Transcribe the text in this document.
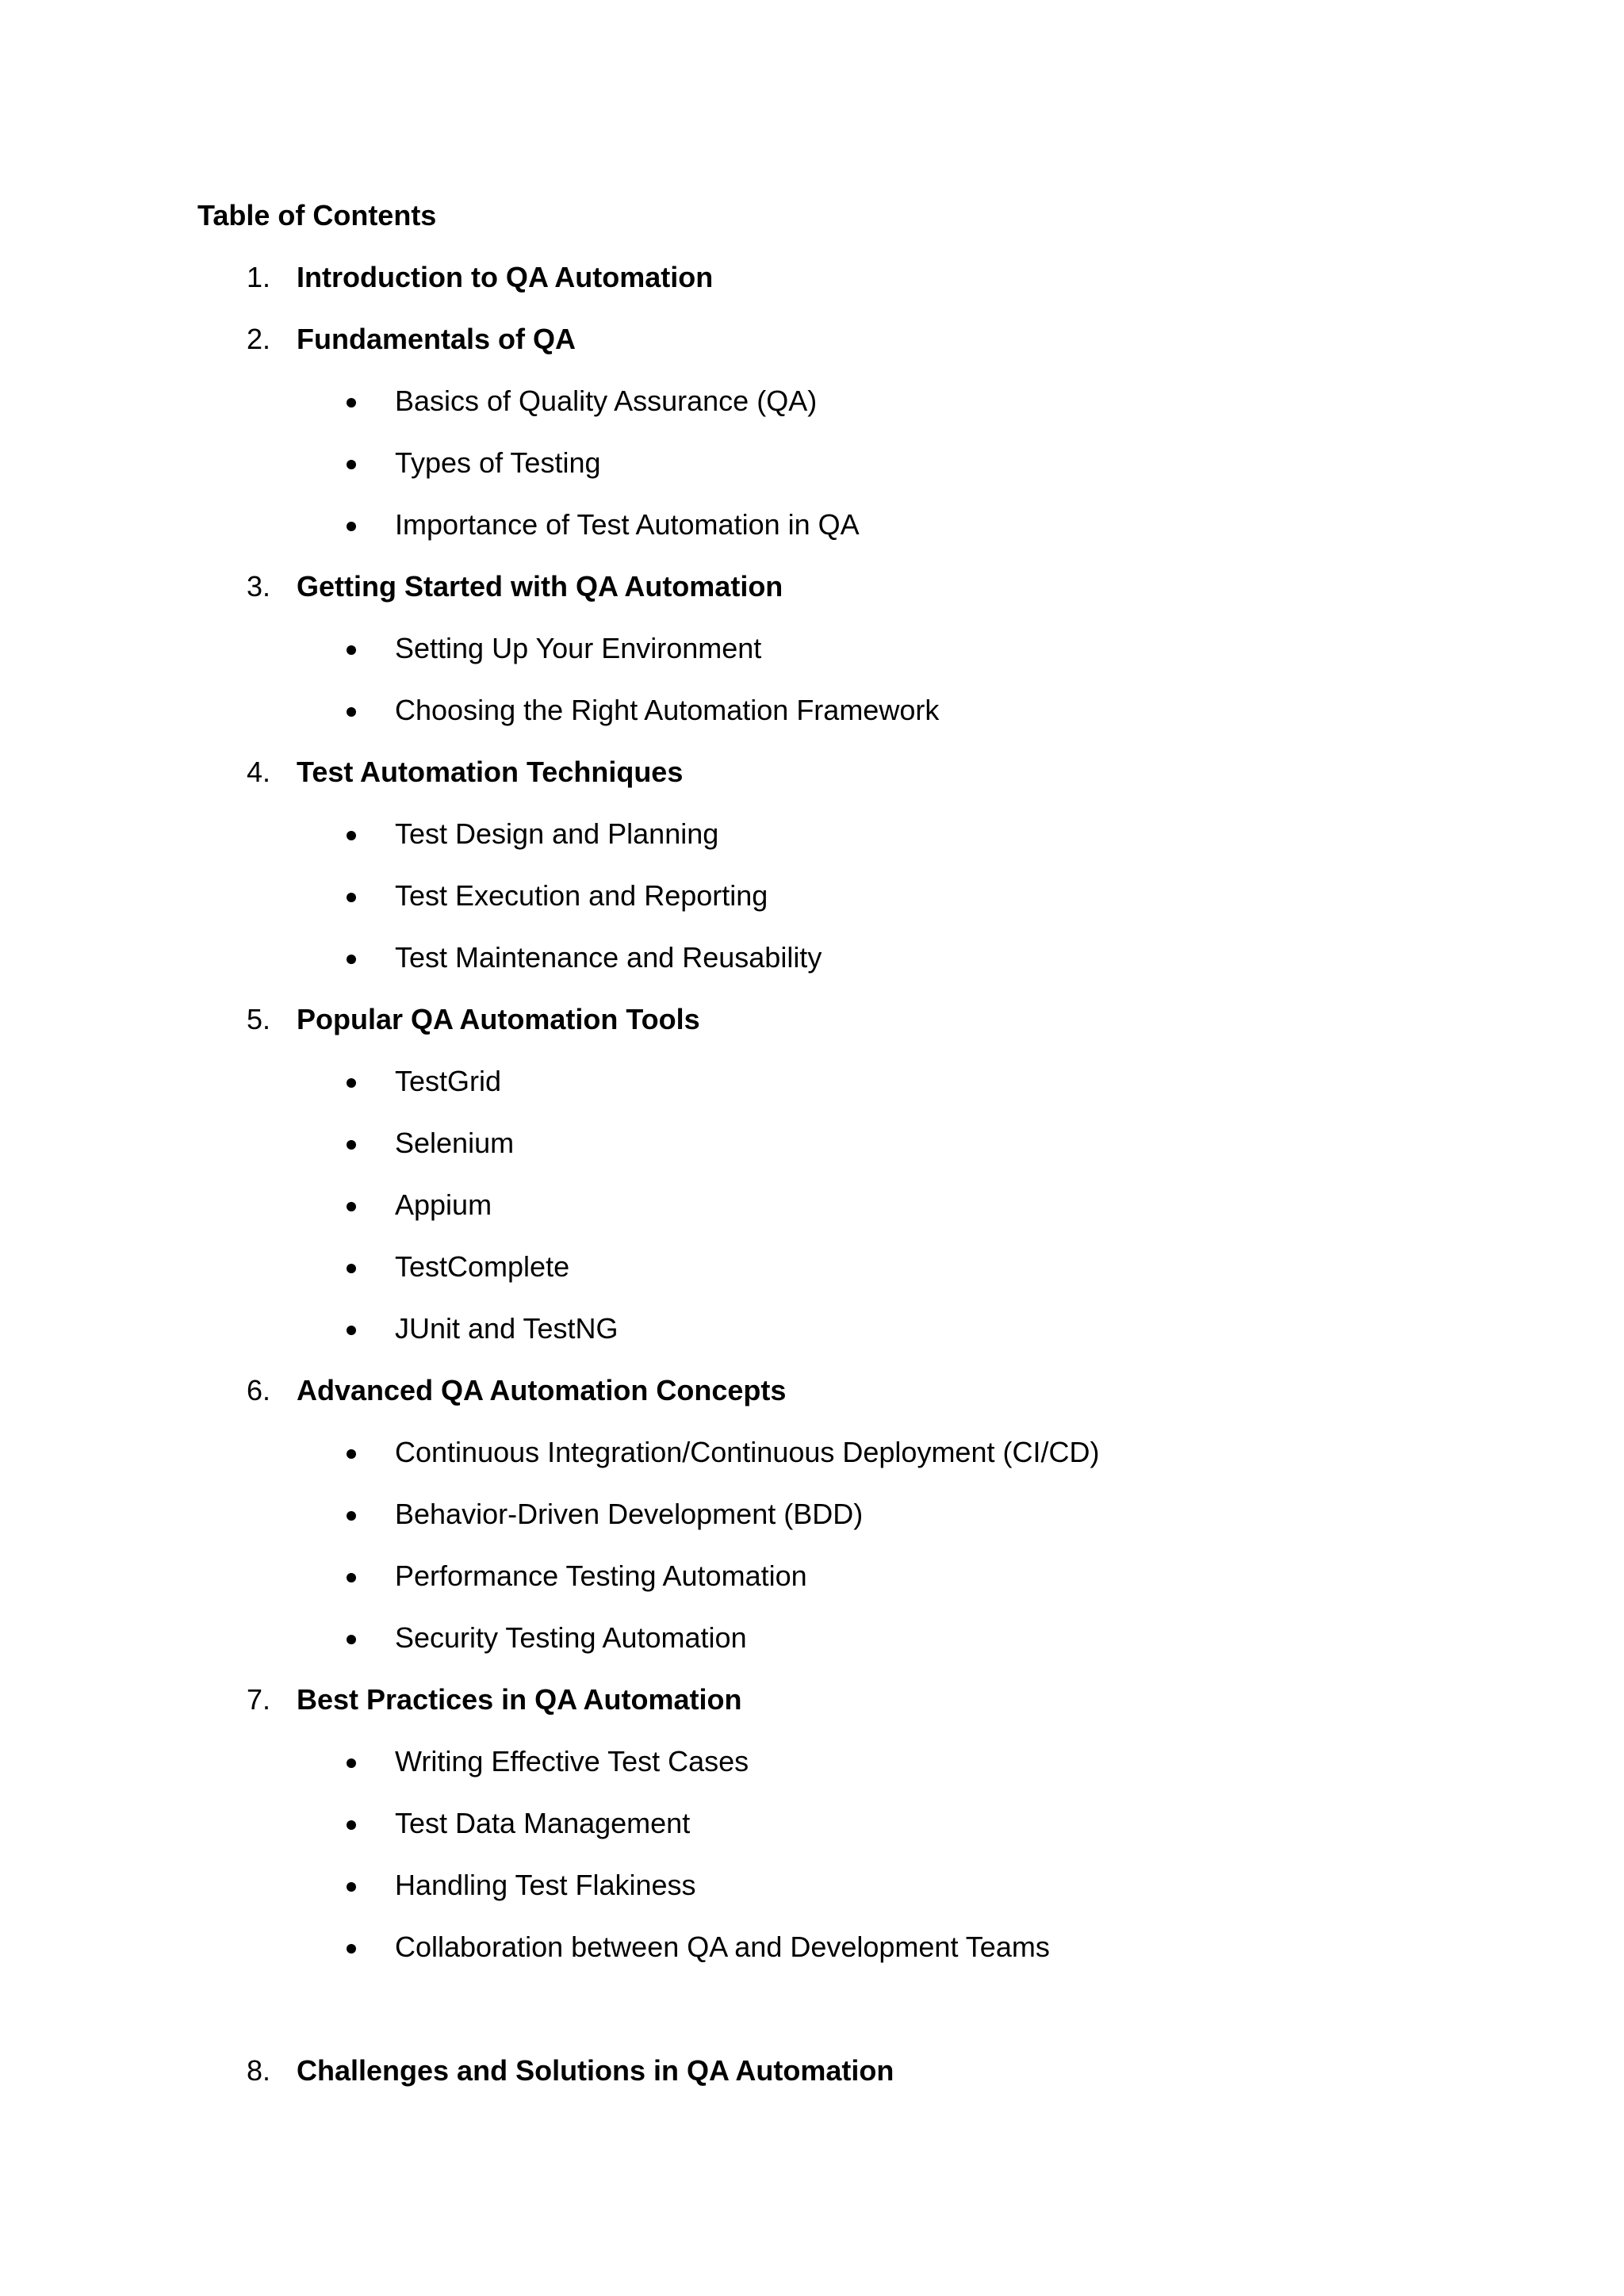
Table of Contents
1. Introduction to QA Automation
2. Fundamentals of QA
Basics of Quality Assurance (QA)
Types of Testing
Importance of Test Automation in QA
3. Getting Started with QA Automation
Setting Up Your Environment
Choosing the Right Automation Framework
4. Test Automation Techniques
Test Design and Planning
Test Execution and Reporting
Test Maintenance and Reusability
5. Popular QA Automation Tools
TestGrid
Selenium
Appium
TestComplete
JUnit and TestNG
6. Advanced QA Automation Concepts
Continuous Integration/Continuous Deployment (CI/CD)
Behavior-Driven Development (BDD)
Performance Testing Automation
Security Testing Automation
7. Best Practices in QA Automation
Writing Effective Test Cases
Test Data Management
Handling Test Flakiness
Collaboration between QA and Development Teams
8. Challenges and Solutions in QA Automation
